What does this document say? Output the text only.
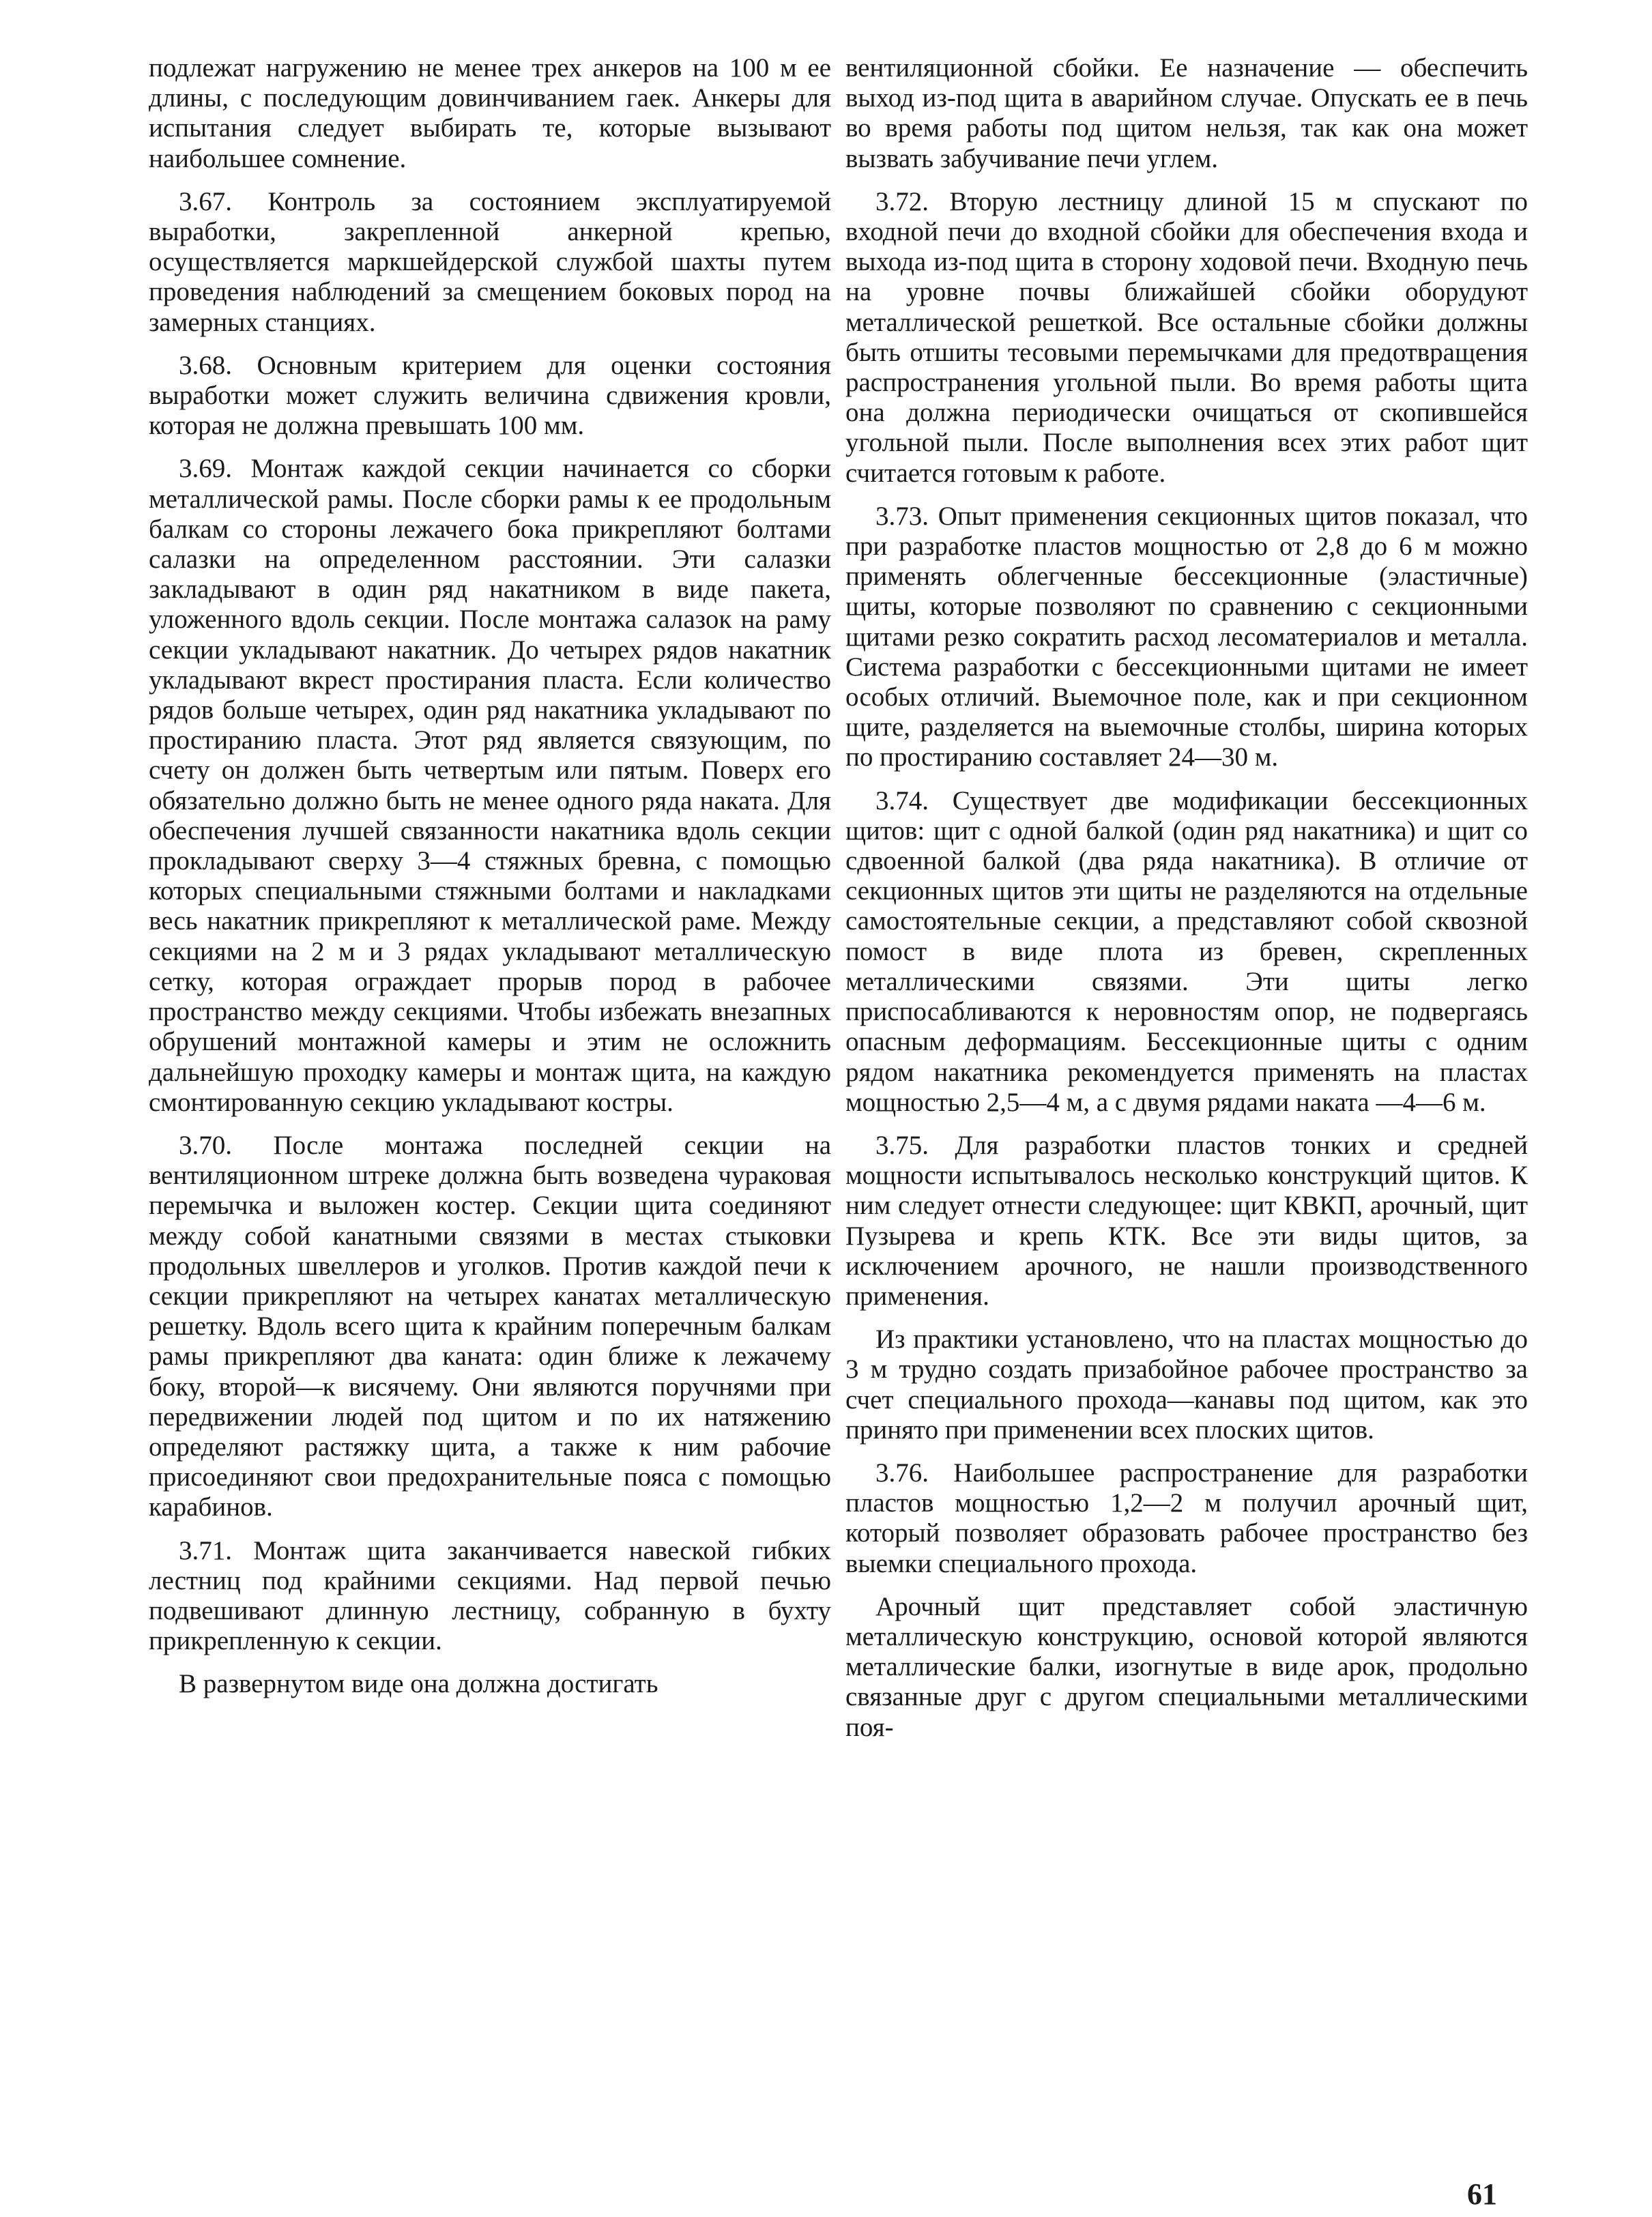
подлежат нагружению не менее трех анкеров на 100 м ее длины, с последующим довинчиванием гаек. Анкеры для испытания следует выбирать те, которые вызывают наибольшее сомнение.

3.67. Контроль за состоянием эксплуатируемой выработки, закрепленной анкерной крепью, осуществляется маркшейдерской службой шахты путем проведения наблюдений за смещением боковых пород на замерных станциях.

3.68. Основным критерием для оценки состояния выработки может служить величина сдвижения кровли, которая не должна превышать 100 мм.

3.69. Монтаж каждой секции начинается со сборки металлической рамы. После сборки рамы к ее продольным балкам со стороны лежачего бока прикрепляют болтами салазки на определенном расстоянии. Эти салазки закладывают в один ряд накатником в виде пакета, уложенного вдоль секции. После монтажа салазок на раму секции укладывают накатник. До четырех рядов накатник укладывают вкрест простирания пласта. Если количество рядов больше четырех, один ряд накатника укладывают по простиранию пласта. Этот ряд является связующим, по счету он должен быть четвертым или пятым. Поверх его обязательно должно быть не менее одного ряда наката. Для обеспечения лучшей связанности накатника вдоль секции прокладывают сверху 3—4 стяжных бревна, с помощью которых специальными стяжными болтами и накладками весь накатник прикрепляют к металлической раме. Между секциями на 2 м и 3 рядах укладывают металлическую сетку, которая ограждает прорыв пород в рабочее пространство между секциями. Чтобы избежать внезапных обрушений монтажной камеры и этим не осложнить дальнейшую проходку камеры и монтаж щита, на каждую смонтированную секцию укладывают костры.

3.70. После монтажа последней секции на вентиляционном штреке должна быть возведена чураковая перемычка и выложен костер. Секции щита соединяют между собой канатными связями в местах стыковки продольных швеллеров и уголков. Против каждой печи к секции прикрепляют на четырех канатах металлическую решетку. Вдоль всего щита к крайним поперечным балкам рамы прикрепляют два каната: один ближе к лежачему боку, второй—к висячему. Они являются поручнями при передвижении людей под щитом и по их натяжению определяют растяжку щита, а также к ним рабочие присоединяют свои предохранительные пояса с помощью карабинов.

3.71. Монтаж щита заканчивается навеской гибких лестниц под крайними секциями. Над первой печью подвешивают длинную лестницу, собранную в бухту прикрепленную к секции.

В развернутом виде она должна достигать

вентиляционной сбойки. Ее назначение — обеспечить выход из-под щита в аварийном случае. Опускать ее в печь во время работы под щитом нельзя, так как она может вызвать забучивание печи углем.

3.72. Вторую лестницу длиной 15 м спускают по входной печи до входной сбойки для обеспечения входа и выхода из-под щита в сторону ходовой печи. Входную печь на уровне почвы ближайшей сбойки оборудуют металлической решеткой. Все остальные сбойки должны быть отшиты тесовыми перемычками для предотвращения распространения угольной пыли. Во время работы щита она должна периодически очищаться от скопившейся угольной пыли. После выполнения всех этих работ щит считается готовым к работе.

3.73. Опыт применения секционных щитов показал, что при разработке пластов мощностью от 2,8 до 6 м можно применять облегченные бессекционные (эластичные) щиты, которые позволяют по сравнению с секционными щитами резко сократить расход лесоматериалов и металла. Система разработки с бессекционными щитами не имеет особых отличий. Выемочное поле, как и при секционном щите, разделяется на выемочные столбы, ширина которых по простиранию составляет 24—30 м.

3.74. Существует две модификации бессекционных щитов: щит с одной балкой (один ряд накатника) и щит со сдвоенной балкой (два ряда накатника). В отличие от секционных щитов эти щиты не разделяются на отдельные самостоятельные секции, а представляют собой сквозной помост в виде плота из бревен, скрепленных металлическими связями. Эти щиты легко приспосабливаются к неровностям опор, не подвергаясь опасным деформациям. Бессекционные щиты с одним рядом накатника рекомендуется применять на пластах мощностью 2,5—4 м, а с двумя рядами наката —4—6 м.

3.75. Для разработки пластов тонких и средней мощности испытывалось несколько конструкций щитов. К ним следует отнести следующее: щит КВКП, арочный, щит Пузырева и крепь КТК. Все эти виды щитов, за исключением арочного, не нашли производственного применения.

Из практики установлено, что на пластах мощностью до 3 м трудно создать призабойное рабочее пространство за счет специального прохода—канавы под щитом, как это принято при применении всех плоских щитов.

3.76. Наибольшее распространение для разработки пластов мощностью 1,2—2 м получил арочный щит, который позволяет образовать рабочее пространство без выемки специального прохода.

Арочный щит представляет собой эластичную металлическую конструкцию, основой которой являются металлические балки, изогнутые в виде арок, продольно связанные друг с другом специальными металлическими поя-

61
